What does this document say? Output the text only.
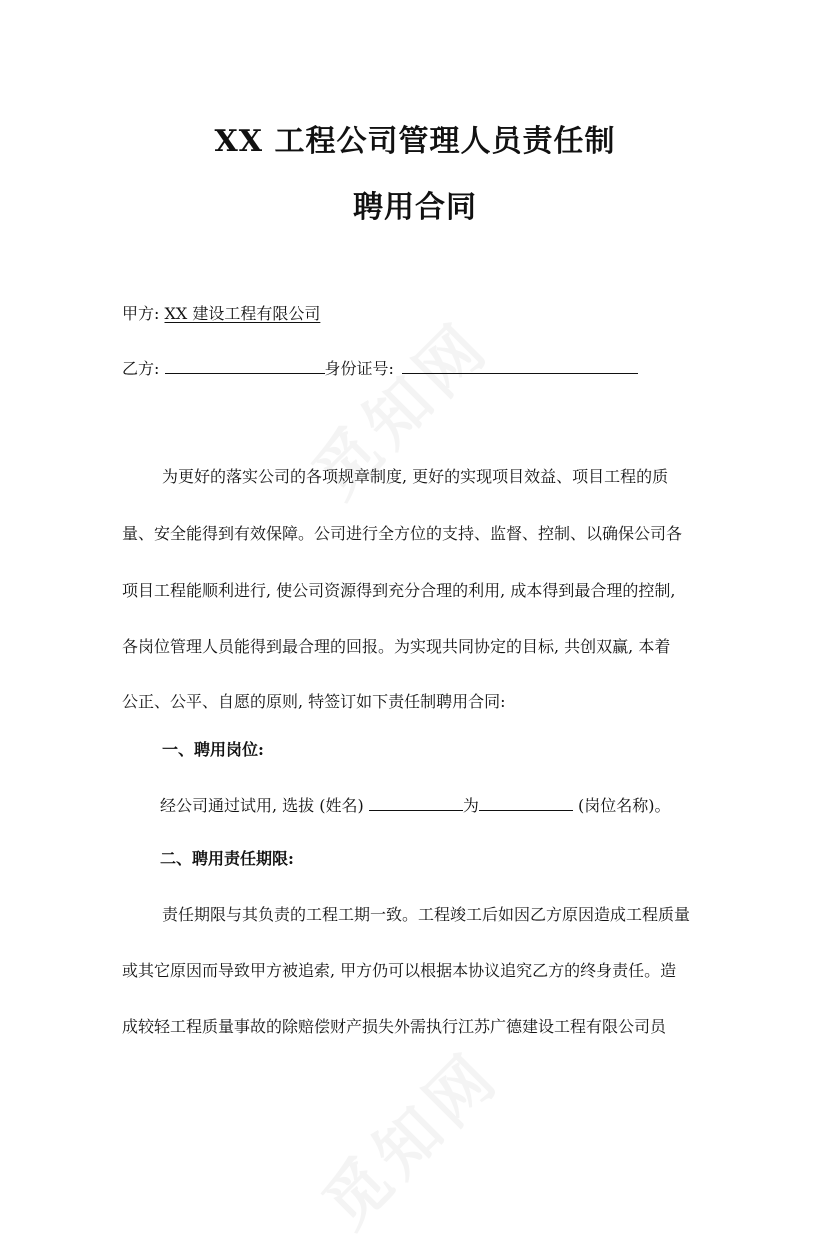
XX 工程公司管理人员责任制
聘用合同

甲方: XX 建设工程有限公司

乙方:	身份证号:

为更好的落实公司的各项规章制度, 更好的实现项目效益、项目工程的质

量、安全能得到有效保障。公司进行全方位的支持、监督、控制、以确保公司各

项目工程能顺利进行, 使公司资源得到充分合理的利用, 成本得到最合理的控制,

各岗位管理人员能得到最合理的回报。为实现共同协定的目标, 共创双赢, 本着

公正、公平、自愿的原则, 特签订如下责任制聘用合同:

一、聘用岗位:

经公司通过试用, 选拔 (姓名)	为	(岗位名称)。

二、聘用责任期限:

责任期限与其负责的工程工期一致。工程竣工后如因乙方原因造成工程质量

或其它原因而导致甲方被追索, 甲方仍可以根据本协议追究乙方的终身责任。造

成较轻工程质量事故的除赔偿财产损失外需执行江苏广德建设工程有限公司员
